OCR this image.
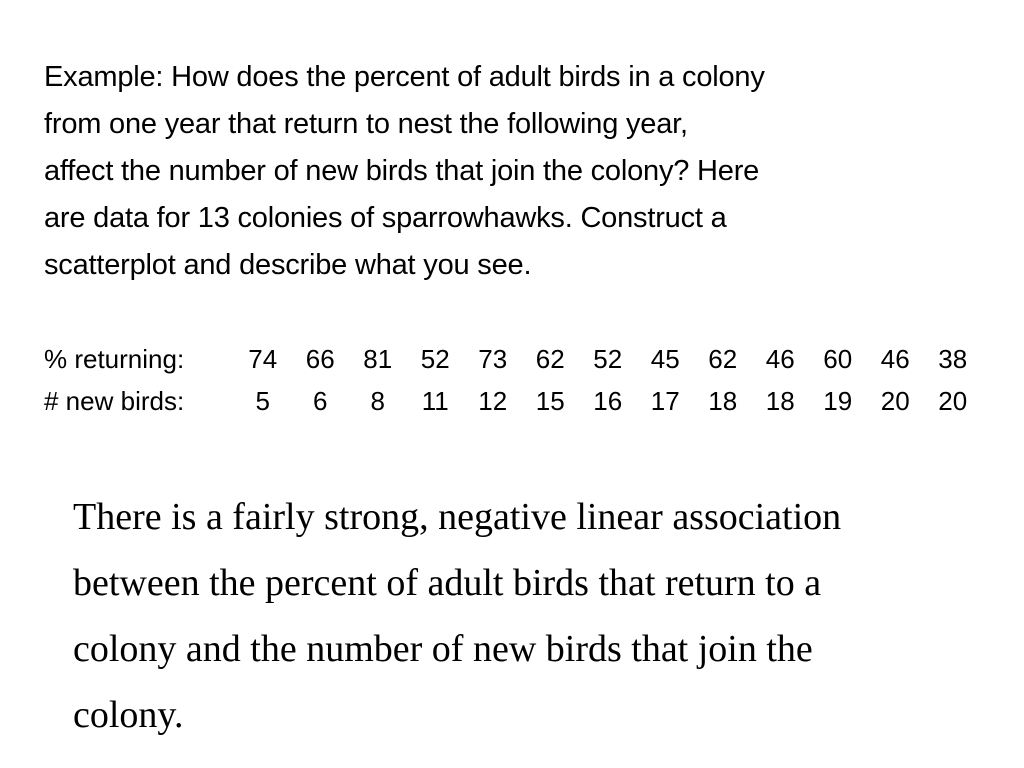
Example: How does the percent of adult birds in a colony
from one year that return to nest the following year,
affect the number of new birds that join the colony? Here
are data for 13 colonies of sparrowhawks. Construct a
scatterplot and describe what you see.
% returning:	74	66	81	52	73	62	52	45	62	46	60	46	38
# new birds:	5	6	8	11	12	15	16	17	18	18	19	20	20
There is a fairly strong, negative linear association
between the percent of adult birds that return to a
colony and the number of new birds that join the
colony.
